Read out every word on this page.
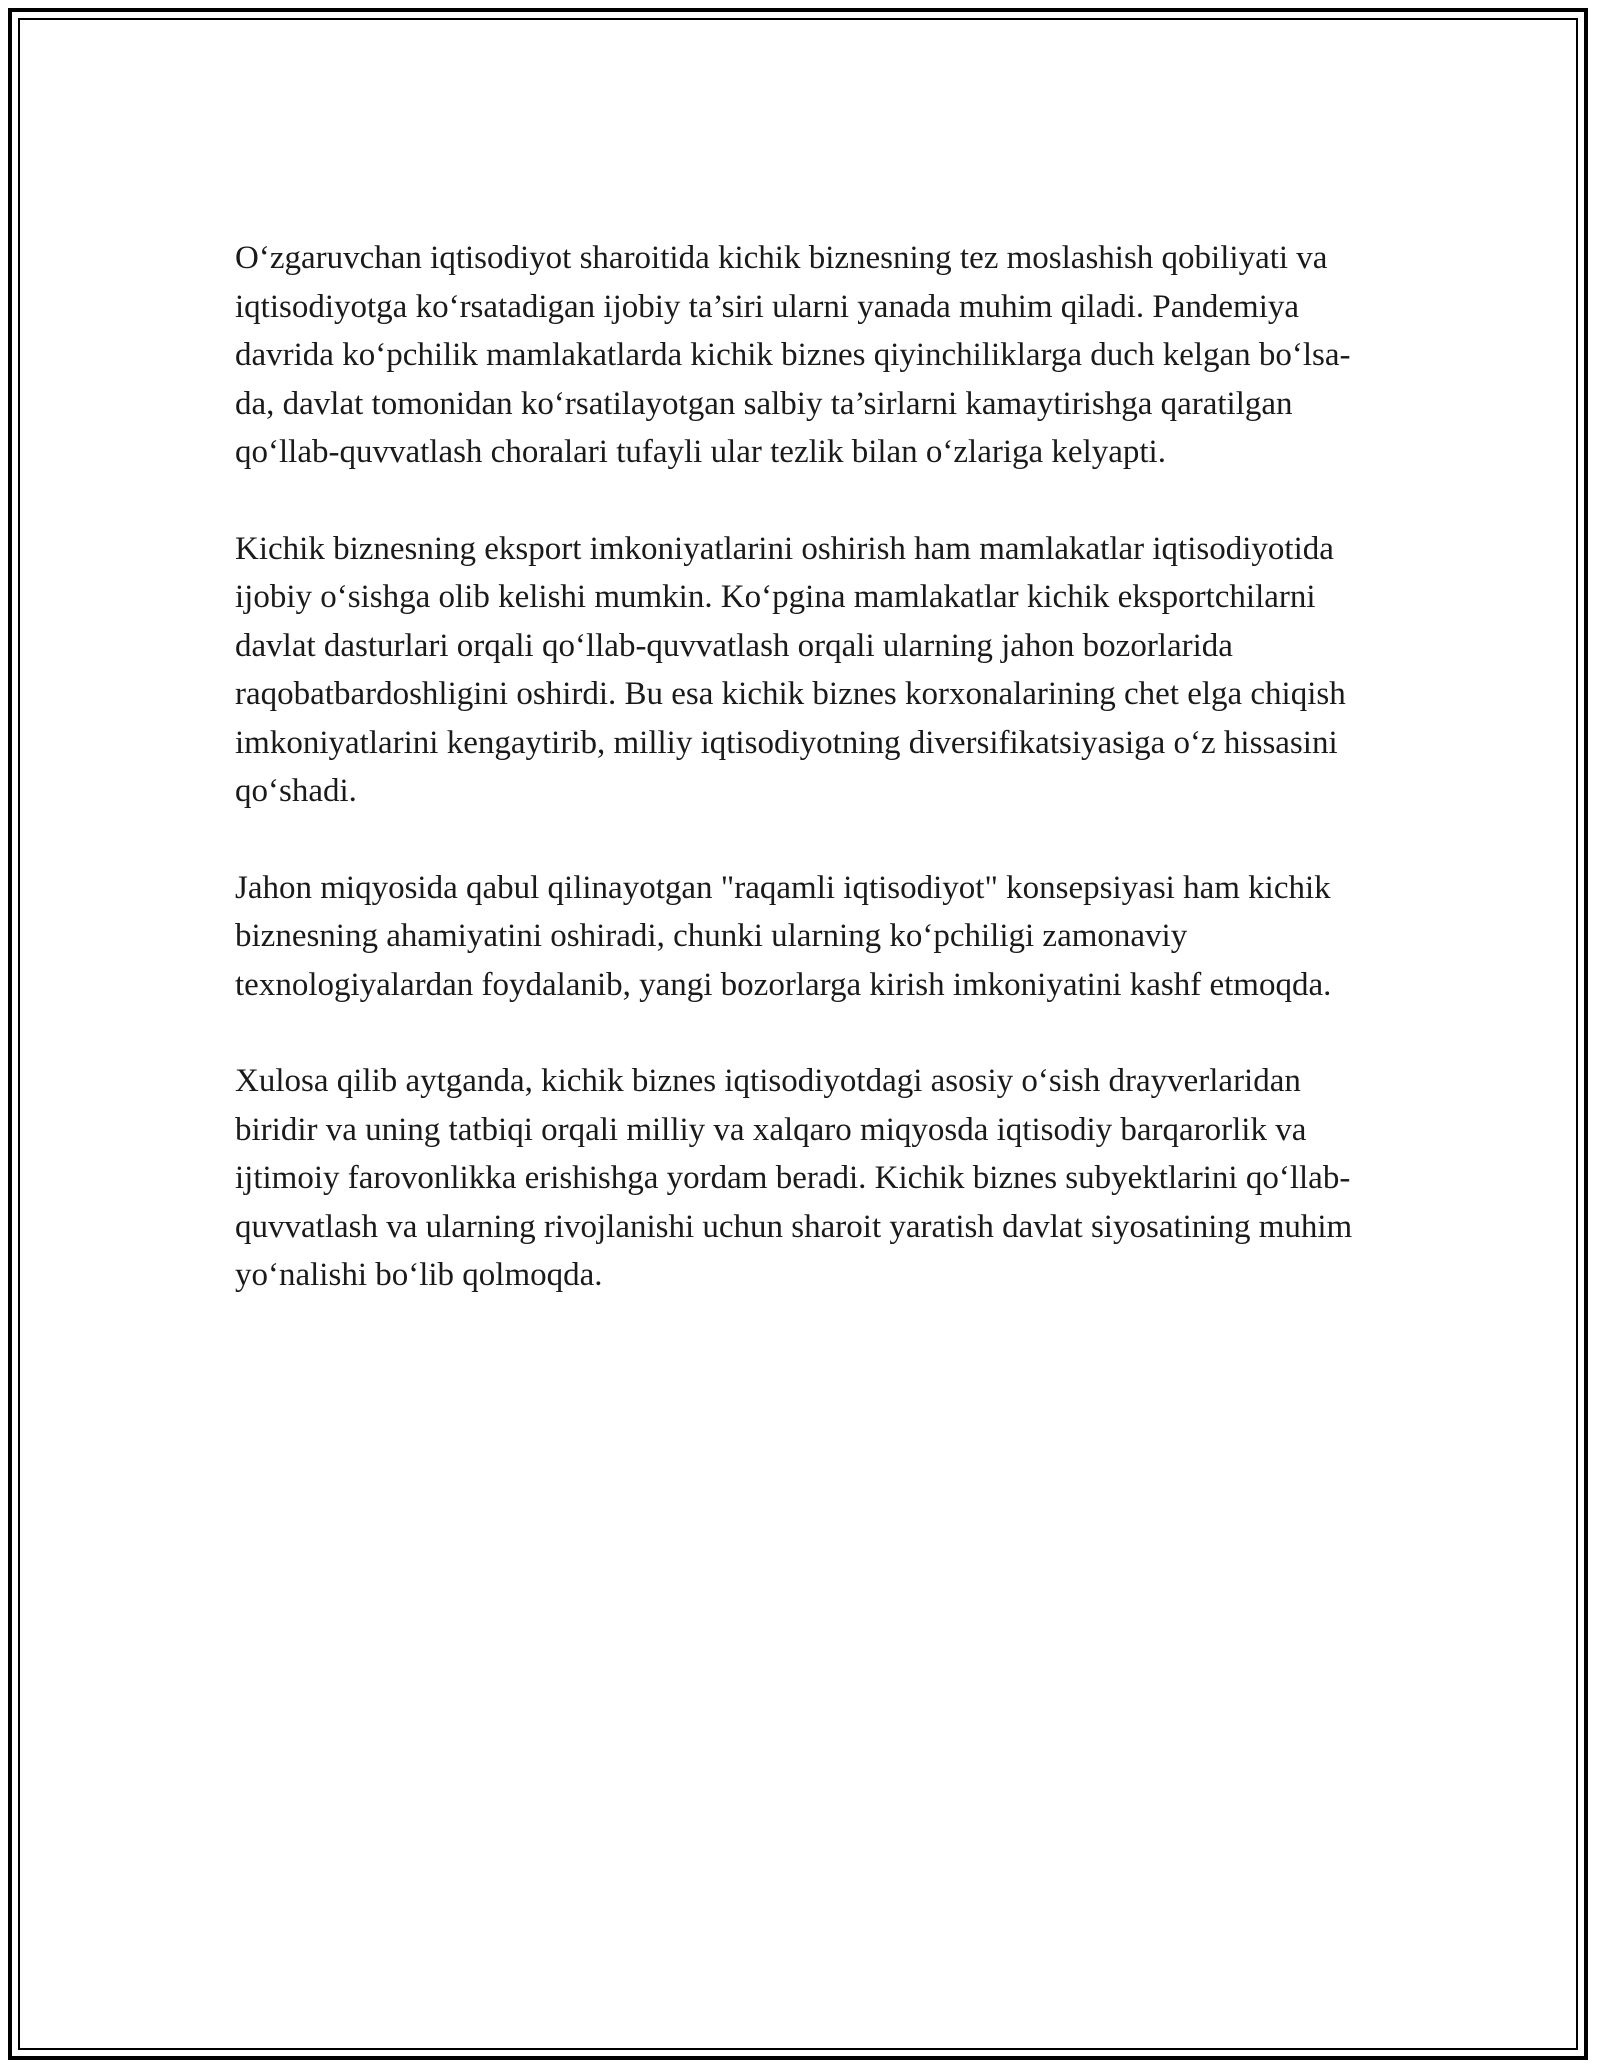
O‘zgaruvchan iqtisodiyot sharoitida kichik biznesning tez moslashish qobiliyati va iqtisodiyotga ko‘rsatadigan ijobiy ta’siri ularni yanada muhim qiladi. Pandemiya davrida ko‘pchilik mamlakatlarda kichik biznes qiyinchiliklarga duch kelgan bo‘lsa-da, davlat tomonidan ko‘rsatilayotgan salbiy ta’sirlarni kamaytirishga qaratilgan qo‘llab-quvvatlash choralari tufayli ular tezlik bilan o‘zlariga kelyapti.

Kichik biznesning eksport imkoniyatlarini oshirish ham mamlakatlar iqtisodiyotida ijobiy o‘sishga olib kelishi mumkin. Ko‘pgina mamlakatlar kichik eksportchilarni davlat dasturlari orqali qo‘llab-quvvatlash orqali ularning jahon bozorlarida raqobatbardoshligini oshirdi. Bu esa kichik biznes korxonalarining chet elga chiqish imkoniyatlarini kengaytirib, milliy iqtisodiyotning diversifikatsiyasiga o‘z hissasini qo‘shadi.

Jahon miqyosida qabul qilinayotgan "raqamli iqtisodiyot" konsepsiyasi ham kichik biznesning ahamiyatini oshiradi, chunki ularning ko‘pchiligi zamonaviy texnologiyalardan foydalanib, yangi bozorlarga kirish imkoniyatini kashf etmoqda.

Xulosa qilib aytganda, kichik biznes iqtisodiyotdagi asosiy o‘sish drayverlaridan biridir va uning tatbiqi orqali milliy va xalqaro miqyosda iqtisodiy barqarorlik va ijtimoiy farovonlikka erishishga yordam beradi. Kichik biznes subyektlarini qo‘llab-quvvatlash va ularning rivojlanishi uchun sharoit yaratish davlat siyosatining muhim yo‘nalishi bo‘lib qolmoqda.
